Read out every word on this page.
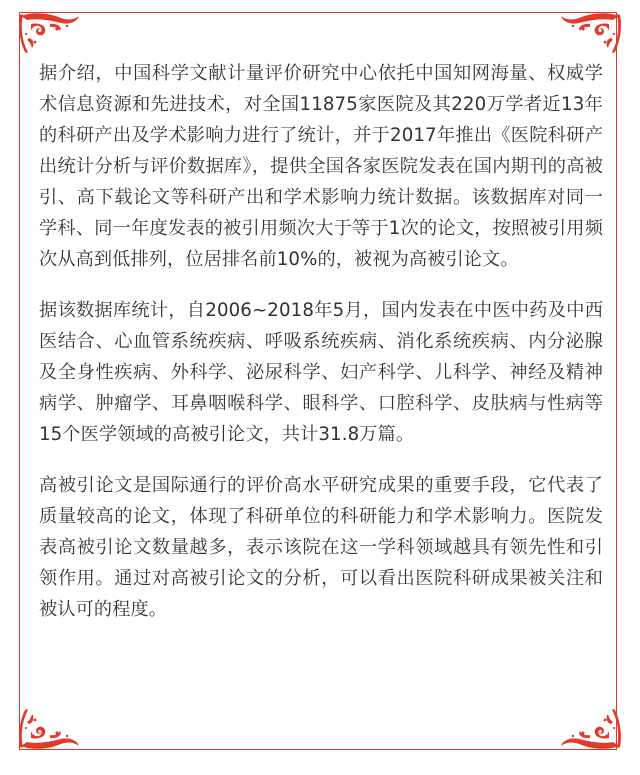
据介绍，中国科学文献计量评价研究中心依托中国知网海量、权威学术信息资源和先进技术，对全国11875家医院及其220万学者近13年的科研产出及学术影响力进行了统计，并于2017年推出《医院科研产出统计分析与评价数据库》，提供全国各家医院发表在国内期刊的高被引、高下载论文等科研产出和学术影响力统计数据。该数据库对同一学科、同一年度发表的被引用频次大于等于1次的论文，按照被引用频次从高到低排列，位居排名前10%的，被视为高被引论文。

据该数据库统计，自2006~2018年5月，国内发表在中医中药及中西医结合、心血管系统疾病、呼吸系统疾病、消化系统疾病、内分泌腺及全身性疾病、外科学、泌尿科学、妇产科学、儿科学、神经及精神病学、肿瘤学、耳鼻咽喉科学、眼科学、口腔科学、皮肤病与性病等15个医学领域的高被引论文，共计31.8万篇。

高被引论文是国际通行的评价高水平研究成果的重要手段，它代表了质量较高的论文，体现了科研单位的科研能力和学术影响力。医院发表高被引论文数量越多，表示该院在这一学科领域越具有领先性和引领作用。通过对高被引论文的分析，可以看出医院科研成果被关注和被认可的程度。
